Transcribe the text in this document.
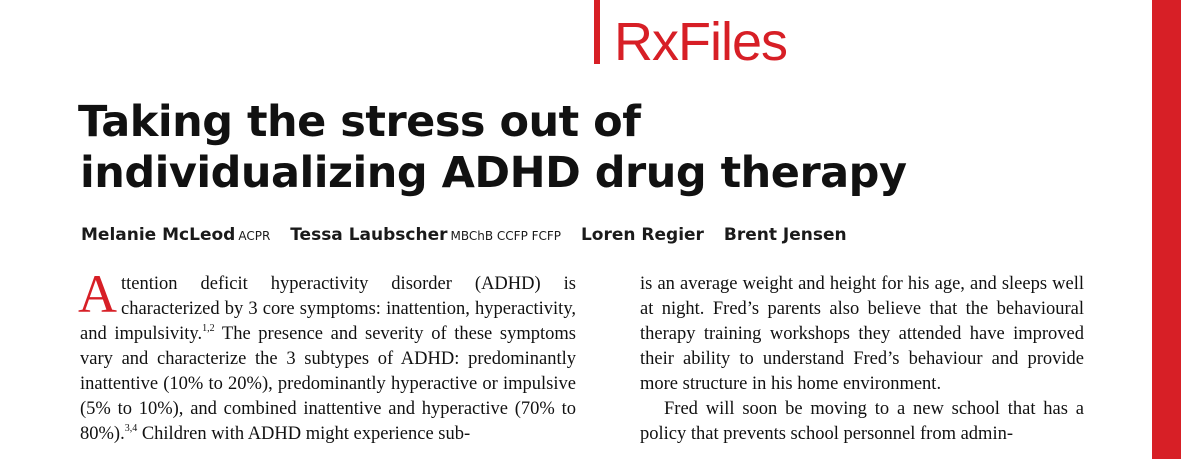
RxFiles
Taking the stress out of
individualizing ADHD drug therapy
Melanie McLeod ACPR Tessa Laubscher MBChB CCFP FCFP Loren Regier Brent Jensen

Attention deficit hyperactivity disorder (ADHD) is characterized by 3 core symptoms: inattention, hyperactivity, and impulsivity.$^{1,2}$ The presence and severity of these symptoms vary and characterize the 3 subtypes of ADHD: predominantly inattentive (10% to 20%), predominantly hyperactive or impulsive (5% to 10%), and combined inattentive and hyperactive (70% to 80%).$^{3,4}$ Children with ADHD might experience sub-

is an average weight and height for his age, and sleeps well at night. Fred’s parents also believe that the behavioural therapy training workshops they attended have improved their ability to understand Fred’s behaviour and provide more structure in his home environment.

Fred will soon be moving to a new school that has a policy that prevents school personnel from admin-
